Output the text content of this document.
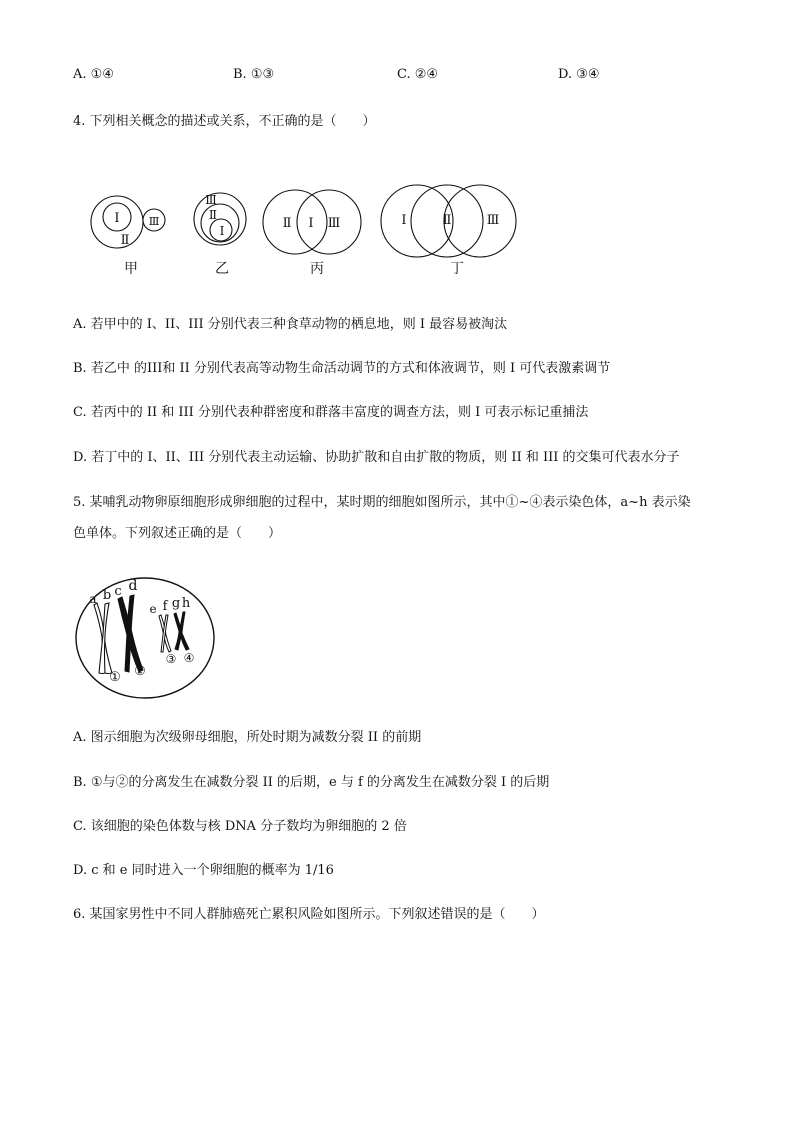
A. ①④	B. ①③	C. ②④	D. ③④
4. 下列相关概念的描述或关系，不正确的是（　　）
Ⅰ
Ⅱ
Ⅲ
Ⅲ
Ⅱ
Ⅰ	Ⅱ Ⅰ Ⅲ	Ⅰ	Ⅱ	Ⅲ
甲	乙	丙	丁
A. 若甲中的 I、II、III 分别代表三种食草动物的栖息地，则 I 最容易被淘汰
B. 若乙中 的III和 II 分别代表高等动物生命活动调节的方式和体液调节，则 I 可代表激素调节
C. 若丙中的 II 和 III 分别代表种群密度和群落丰富度的调查方法，则 I 可表示标记重捕法
D. 若丁中的 I、II、III 分别代表主动运输、协助扩散和自由扩散的物质，则 II 和 III 的交集可代表水分子
5. 某哺乳动物卵原细胞形成卵细胞的过程中，某时期的细胞如图所示，其中①~④表示染色体，a~h 表示染
色单体。下列叙述正确的是（　　）
a b c d
e f g h
① ②
③ ④
A. 图示细胞为次级卵母细胞，所处时期为减数分裂 II 的前期
B. ①与②的分离发生在减数分裂 II 的后期，e 与 f 的分离发生在减数分裂 I 的后期
C. 该细胞的染色体数与核 DNA 分子数均为卵细胞的 2 倍
D. c 和 e 同时进入一个卵细胞的概率为 1/16
6. 某国家男性中不同人群肺癌死亡累积风险如图所示。下列叙述错误的是（　　）
